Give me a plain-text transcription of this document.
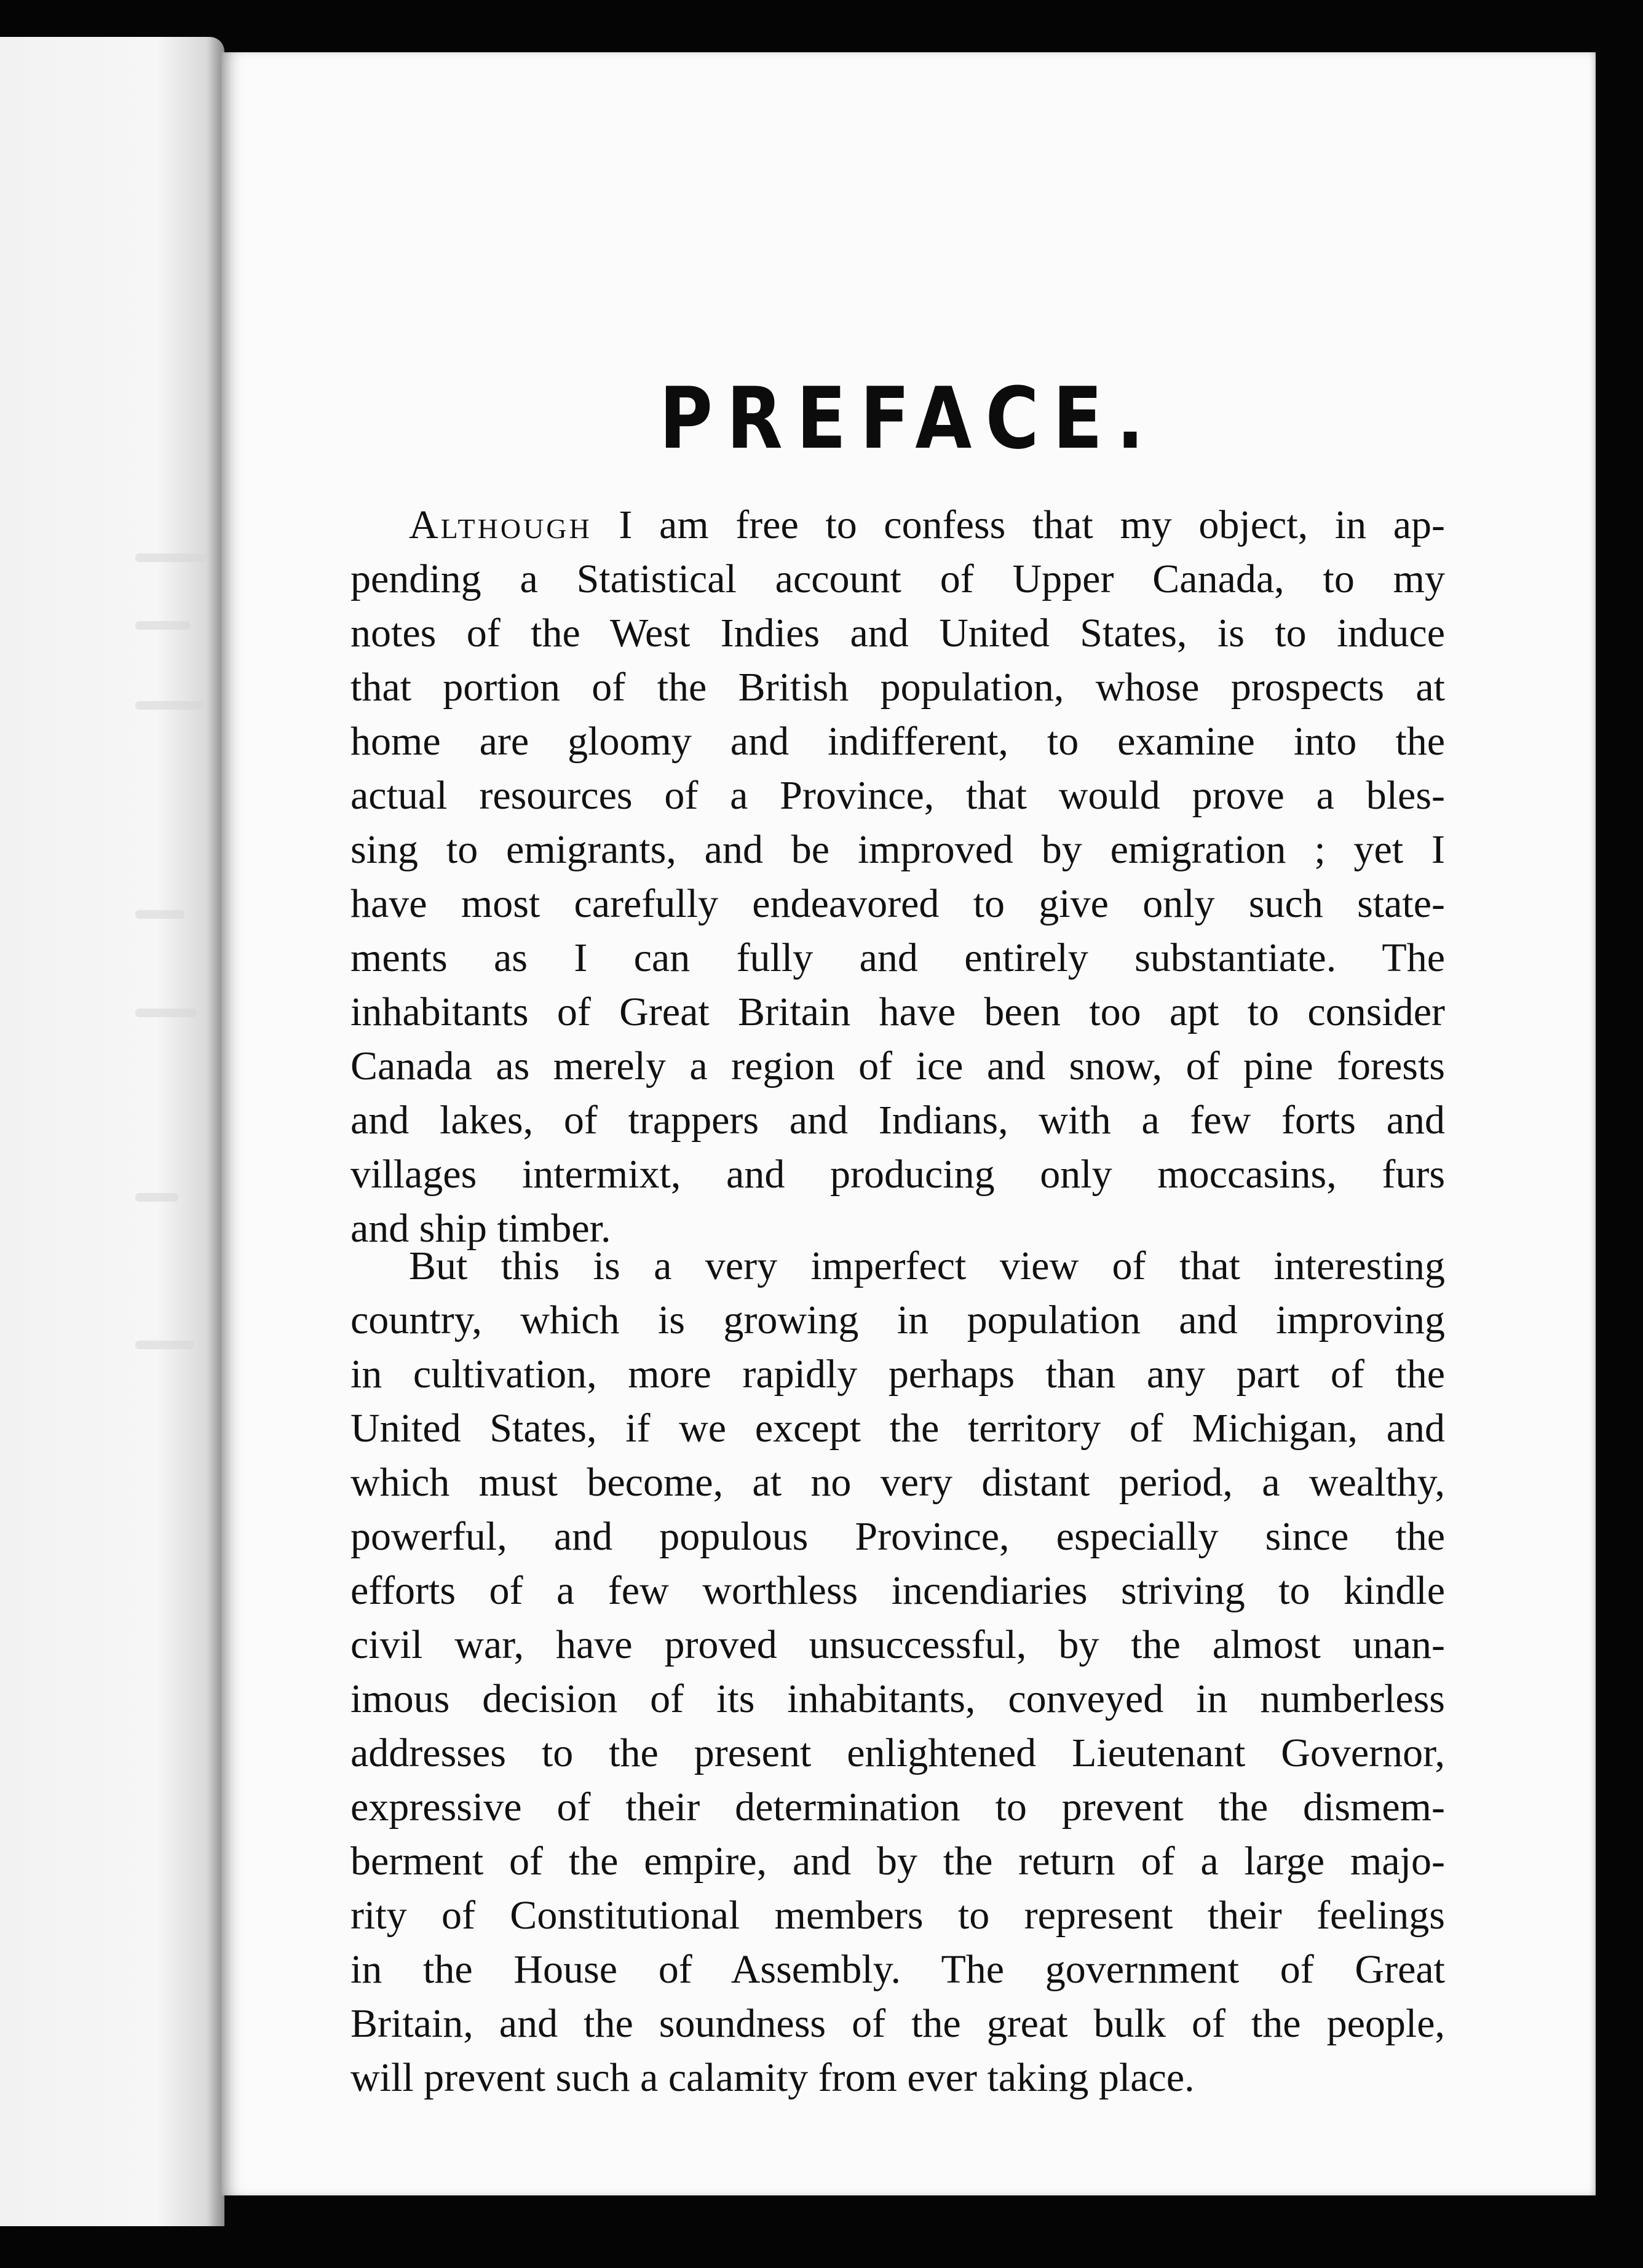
PREFACE.
Although I am free to confess that my object, in ap-
pending a Statistical account of Upper Canada, to my
notes of the West Indies and United States, is to induce
that portion of the British population, whose prospects at
home are gloomy and indifferent, to examine into the
actual resources of a Province, that would prove a bles-
sing to emigrants, and be improved by emigration ; yet I
have most carefully endeavored to give only such state-
ments as I can fully and entirely substantiate. The
inhabitants of Great Britain have been too apt to consider
Canada as merely a region of ice and snow, of pine forests
and lakes, of trappers and Indians, with a few forts and
villages intermixt, and producing only moccasins, furs
and ship timber.
But this is a very imperfect view of that interesting
country, which is growing in population and improving
in cultivation, more rapidly perhaps than any part of the
United States, if we except the territory of Michigan, and
which must become, at no very distant period, a wealthy,
powerful, and populous Province, especially since the
efforts of a few worthless incendiaries striving to kindle
civil war, have proved unsuccessful, by the almost unan-
imous decision of its inhabitants, conveyed in numberless
addresses to the present enlightened Lieutenant Governor,
expressive of their determination to prevent the dismem-
berment of the empire, and by the return of a large majo-
rity of Constitutional members to represent their feelings
in the House of Assembly. The government of Great
Britain, and the soundness of the great bulk of the people,
will prevent such a calamity from ever taking place.
